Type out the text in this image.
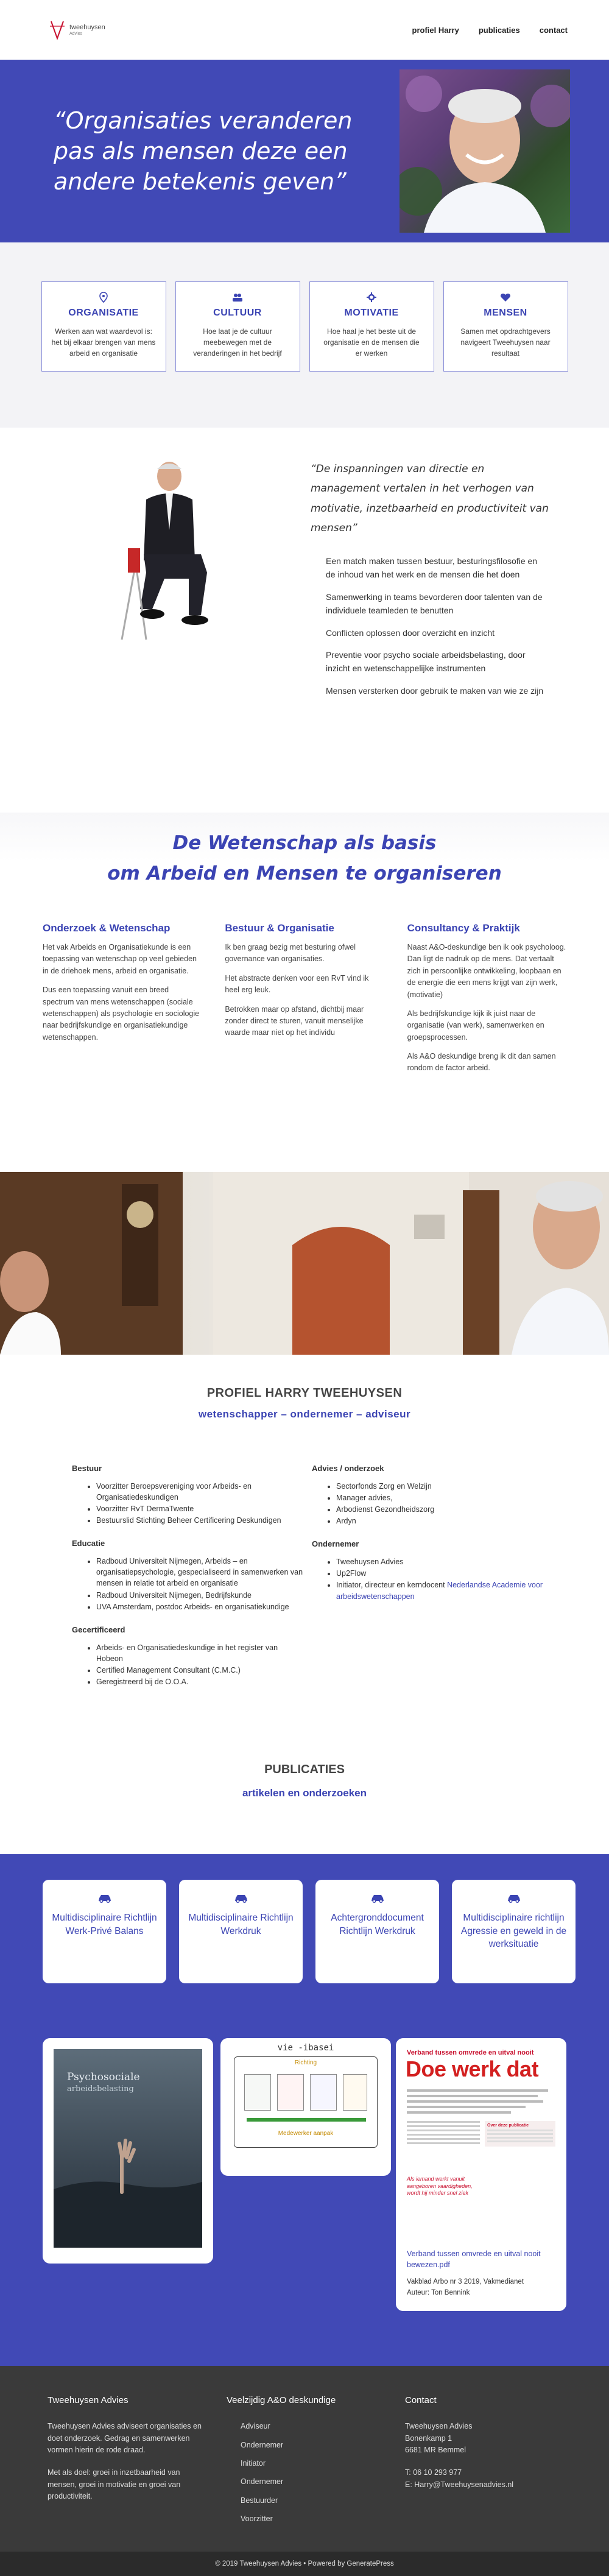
tweehuysen
Advies	profiel Harry publicaties contact
“Organisaties veranderen pas als mensen deze een andere betekenis geven”
ORGANISATIE
Werken aan wat waardevol is: het bij elkaar brengen van mens arbeid en organisatie
CULTUUR
Hoe laat je de cultuur meebewegen met de veranderingen in het bedrijf
MOTIVATIE
Hoe haal je het beste uit de organisatie en de mensen die er werken
MENSEN
Samen met opdrachtgevers navigeert Tweehuysen naar resultaat
“De inspanningen van directie en management vertalen in het verhogen van motivatie, inzetbaarheid en productiviteit van mensen”

Een match maken tussen bestuur, besturingsfilosofie en de inhoud van het werk en de mensen die het doen

Samenwerking in teams bevorderen door talenten van de individuele teamleden te benutten

Conflicten oplossen door overzicht en inzicht

Preventie voor psycho sociale arbeidsbelasting, door inzicht en wetenschappelijke instrumenten

Mensen versterken door gebruik te maken van wie ze zijn

De Wetenschap als basis
om Arbeid en Mensen te organiseren
Onderzoek & Wetenschap

Het vak Arbeids en Organisatiekunde is een toepassing van wetenschap op veel gebieden in de driehoek mens, arbeid en organisatie.

Dus een toepassing vanuit een breed spectrum van mens wetenschappen (sociale wetenschappen) als psychologie en sociologie naar bedrijfskundige en organisatiekundige wetenschappen.

Bestuur & Organisatie

Ik ben graag bezig met besturing ofwel governance van organisaties.

Het abstracte denken voor een RvT vind ik heel erg leuk.

Betrokken maar op afstand, dichtbij maar zonder direct te sturen, vanuit menselijke waarde maar niet op het individu

Consultancy & Praktijk

Naast A&O-deskundige ben ik ook psycholoog. Dan ligt de nadruk op de mens. Dat vertaalt zich in persoonlijke ontwikkeling, loopbaan en de energie die een mens krijgt van zijn werk, (motivatie)

Als bedrijfskundige kijk ik juist naar de organisatie (van werk), samenwerken en groepsprocessen.

Als A&O deskundige breng ik dit dan samen rondom de factor arbeid.

PROFIEL HARRY TWEEHUYSEN
wetenschapper – ondernemer – adviseur
Bestuur
• Voorzitter Beroepsvereniging voor Arbeids- en Organisatiedeskundigen
• Voorzitter RvT DermaTwente
• Bestuurslid Stichting Beheer Certificering Deskundigen
Educatie
• Radboud Universiteit Nijmegen, Arbeids – en organisatiepsychologie, gespecialiseerd in samenwerken van mensen in relatie tot arbeid en organisatie
• Radboud Universiteit Nijmegen, Bedrijfskunde
• UVA Amsterdam, postdoc Arbeids- en organisatiekundige
Gecertificeerd
• Arbeids- en Organisatiedeskundige in het register van Hobeon
• Certified Management Consultant (C.M.C.)
• Geregistreerd bij de O.O.A.
Advies / onderzoek
• Sectorfonds Zorg en Welzijn
• Manager advies,
• Arbodienst Gezondheidszorg
• Ardyn
Ondernemer
• Tweehuysen Advies
• Up2Flow
• Initiator, directeur en kerndocent Nederlandse Academie voor arbeidswetenschappen
PUBLICATIES
artikelen en onderzoeken
Multidisciplinaire Richtlijn Werk-Privé Balans
Multidisciplinaire Richtlijn Werkdruk
Achtergronddocument Richtlijn Werkdruk
Multidisciplinaire richtlijn Agressie en geweld in de werksituatie
Psychosociale
arbeidsbelasting
vie -ibasei
Richting
Medewerker aanpak
Verband tussen omvrede en uitval nooit
Doe werk dat
Over deze publicatie
Als iemand werkt vanuit aangeboren vaardigheden, wordt hij minder snel ziek
Verband tussen omvrede en uitval nooit bewezen.pdf
Vakblad Arbo nr 3 2019, Vakmedianet
Auteur: Ton Bennink
Tweehuysen Advies

Tweehuysen Advies adviseert organisaties en doet onderzoek. Gedrag en samenwerken vormen hierin de rode draad.

Met als doel: groei in inzetbaarheid van mensen, groei in motivatie en groei van productiviteit.

Veelzijdig A&O deskundige
Adviseur
Ondernemer
Initiator
Ondernemer
Bestuurder
Voorzitter
Contact
Tweehuysen Advies
Bonenkamp 1
6681 MR Bemmel
T: 06 10 293 977
E: Harry@Tweehuysenadvies.nl
© 2019 Tweehuysen Advies • Powered by GeneratePress
